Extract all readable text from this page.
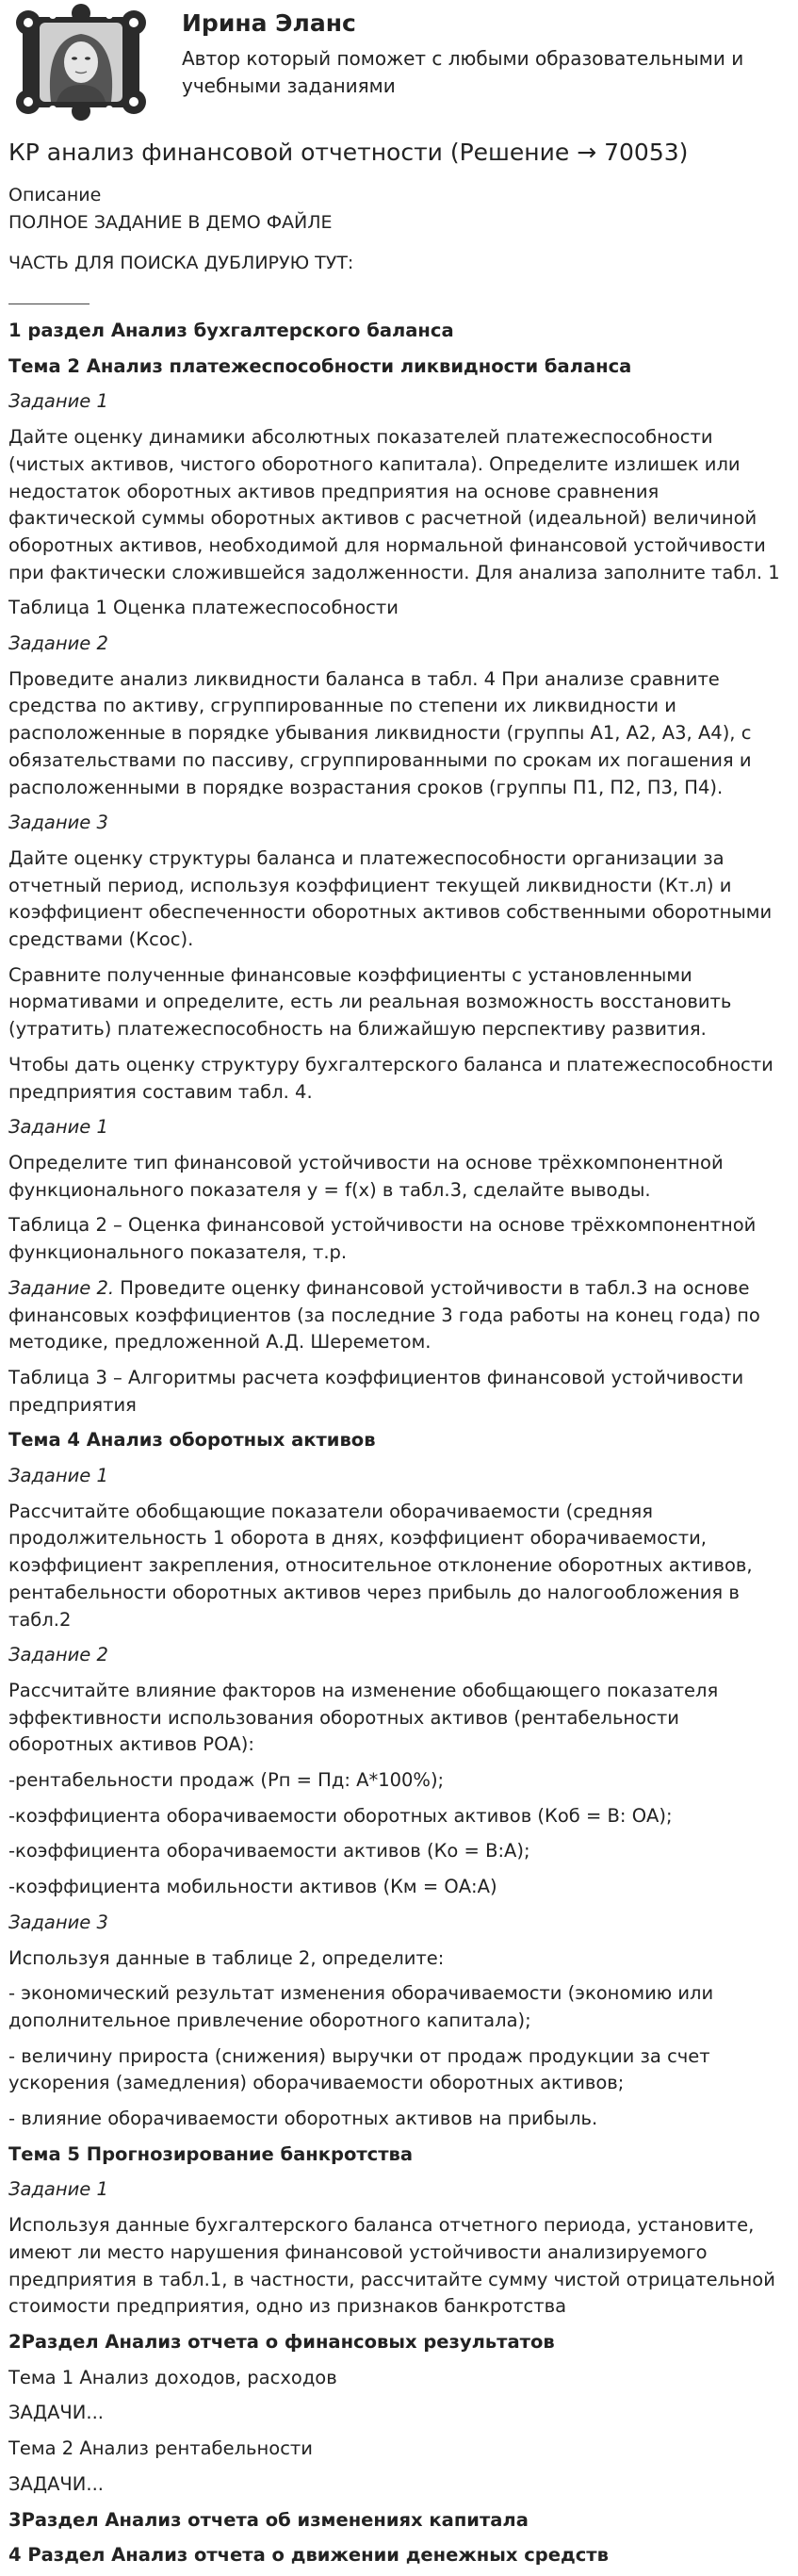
Ирина Эланс
Автор который поможет с любыми образовательными и учебными заданиями
КР анализ финансовой отчетности (Решение → 70053)

Описание

ПОЛНОЕ ЗАДАНИЕ В ДЕМО ФАЙЛЕ

ЧАСТЬ ДЛЯ ПОИСКА ДУБЛИРУЮ ТУТ:

1 раздел Анализ бухгалтерского баланса

Тема 2 Анализ платежеспособности ликвидности баланса

Задание 1

Дайте оценку динамики абсолютных показателей платежеспособности (чистых активов, чистого оборотного капитала). Определите излишек или недостаток оборотных активов предприятия на основе сравнения фактической суммы оборотных активов с расчетной (идеальной) величиной оборотных активов, необходимой для нормальной финансовой устойчивости при фактически сложившейся задолженности. Для анализа заполните табл. 1

Таблица 1 Оценка платежеспособности

Задание 2

Проведите анализ ликвидности баланса в табл. 4 При анализе сравните средства по активу, сгруппированные по степени их ликвидности и расположенные в порядке убывания ликвидности (группы А1, А2, А3, А4), с обязательствами по пассиву, сгруппированными по срокам их погашения и расположенными в порядке возрастания сроков (группы П1, П2, П3, П4).

Задание 3

Дайте оценку структуры баланса и платежеспособности организации за отчетный период, используя коэффициент текущей ликвидности (Кт.л) и коэффициент обеспеченности оборотных активов собственными оборотными средствами (Ксос).

Сравните полученные финансовые коэффициенты с установленными нормативами и определите, есть ли реальная возможность восстановить (утратить) платежеспособность на ближайшую перспективу развития.

Чтобы дать оценку структуру бухгалтерского баланса и платежеспособности предприятия составим табл. 4.

Задание 1

Определите тип финансовой устойчивости на основе трёхкомпонентной функционального показателя y = f(x) в табл.3, сделайте выводы.

Таблица 2 – Оценка финансовой устойчивости на основе трёхкомпонентной функционального показателя, т.р.

Задание 2. Проведите оценку финансовой устойчивости в табл.3 на основе финансовых коэффициентов (за последние 3 года работы на конец года) по методике, предложенной А.Д. Шереметом.

Таблица 3 – Алгоритмы расчета коэффициентов финансовой устойчивости предприятия

Тема 4 Анализ оборотных активов

Задание 1

Рассчитайте обобщающие показатели оборачиваемости (средняя продолжительность 1 оборота в днях, коэффициент оборачиваемости, коэффициент закрепления, относительное отклонение оборотных активов, рентабельности оборотных активов через прибыль до налогообложения в табл.2

Задание 2

Рассчитайте влияние факторов на изменение обобщающего показателя эффективности использования оборотных активов (рентабельности оборотных активов РОА):

-рентабельности продаж (Рп = Пд: А*100%);

-коэффициента оборачиваемости оборотных активов (Коб = В: ОА);

-коэффициента оборачиваемости активов (Ко = В:А);

-коэффициента мобильности активов (Км = ОА:А)

Задание 3

Используя данные в таблице 2, определите:

- экономический результат изменения оборачиваемости (экономию или дополнительное привлечение оборотного капитала);

- величину прироста (снижения) выручки от продаж продукции за счет ускорения (замедления) оборачиваемости оборотных активов;

- влияние оборачиваемости оборотных активов на прибыль.

Тема 5 Прогнозирование банкротства

Задание 1

Используя данные бухгалтерского баланса отчетного периода, установите, имеют ли место нарушения финансовой устойчивости анализируемого предприятия в табл.1, в частности, рассчитайте сумму чистой отрицательной стоимости предприятия, одно из признаков банкротства

2Раздел Анализ отчета о финансовых результатов

Тема 1 Анализ доходов, расходов

ЗАДАЧИ...

Тема 2 Анализ рентабельности

ЗАДАЧИ...

3Раздел Анализ отчета об изменениях капитала

4 Раздел Анализ отчета о движении денежных средств
